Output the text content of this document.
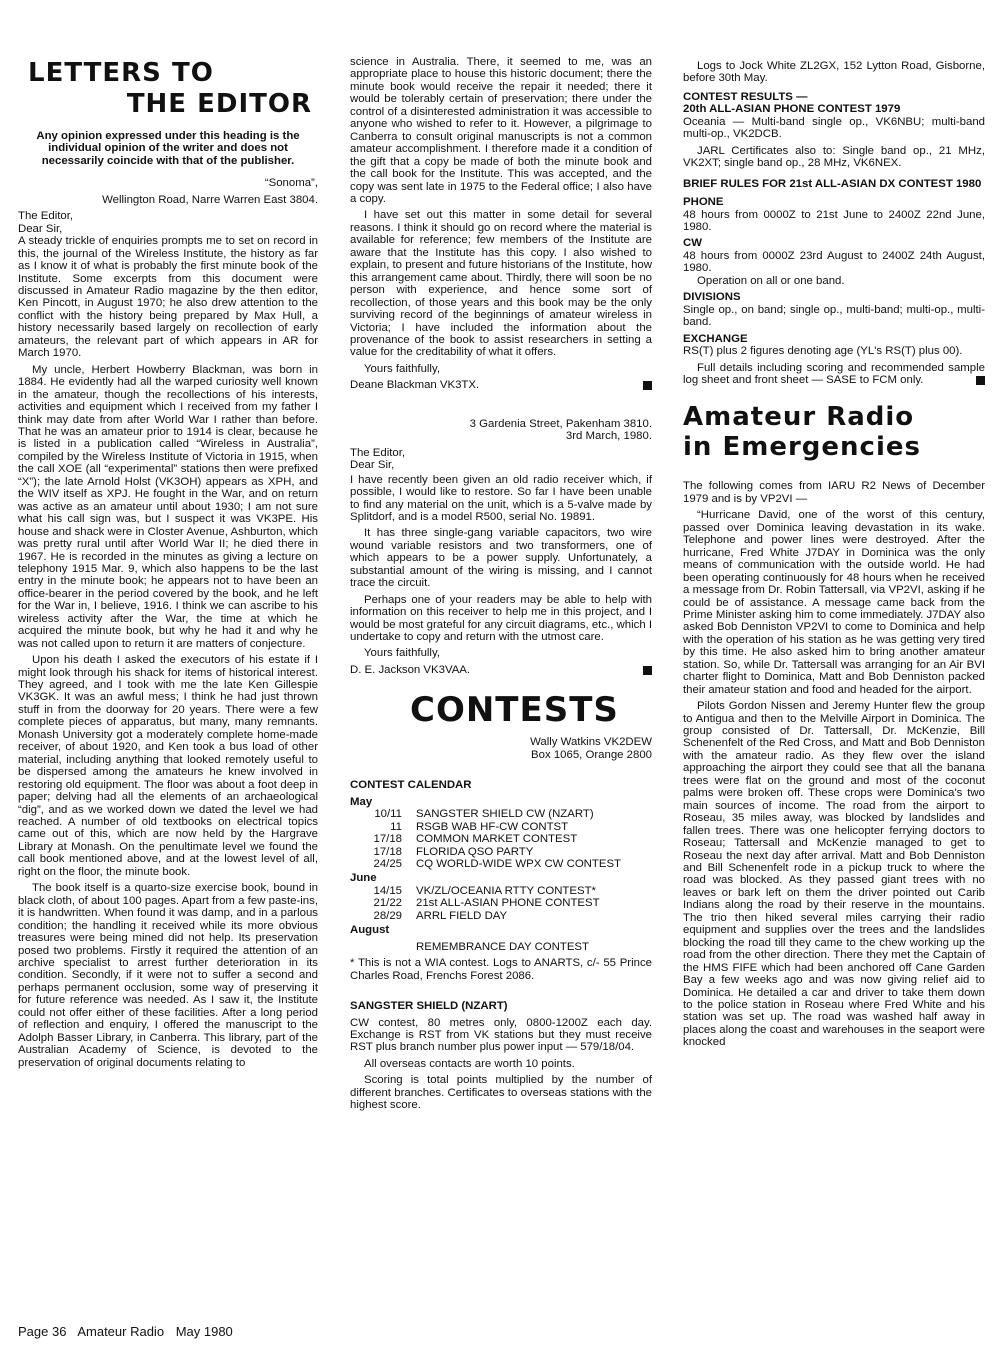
LETTERS TO
THE EDITOR
Any opinion expressed under this heading is the individual opinion of the writer and does not necessarily coincide with that of the publisher.

“Sonoma”,

Wellington Road, Narre Warren East 3804.

The Editor,

Dear Sir,

A steady trickle of enquiries prompts me to set on record in this, the journal of the Wireless Institute, the history as far as I know it of what is probably the first minute book of the Institute. Some excerpts from this document were discussed in Amateur Radio magazine by the then editor, Ken Pincott, in August 1970; he also drew attention to the conflict with the history being prepared by Max Hull, a history necessarily based largely on recollection of early amateurs, the relevant part of which appears in AR for March 1970.

My uncle, Herbert Howberry Blackman, was born in 1884. He evidently had all the warped curiosity well known in the amateur, though the recollections of his interests, activities and equipment which I received from my father I think may date from after World War I rather than before. That he was an amateur prior to 1914 is clear, because he is listed in a publication called “Wireless in Australia”, compiled by the Wireless Institute of Victoria in 1915, when the call XOE (all “experimental” stations then were prefixed “X”); the late Arnold Holst (VK3OH) appears as XPH, and the WIV itself as XPJ. He fought in the War, and on return was active as an amateur until about 1930; I am not sure what his call sign was, but I suspect it was VK3PE. His house and shack were in Closter Avenue, Ashburton, which was pretty rural until after World War II; he died there in 1967. He is recorded in the minutes as giving a lecture on telephony 1915 Mar. 9, which also happens to be the last entry in the minute book; he appears not to have been an office-bearer in the period covered by the book, and he left for the War in, I believe, 1916. I think we can ascribe to his wireless activity after the War, the time at which he acquired the minute book, but why he had it and why he was not called upon to return it are matters of conjecture.

Upon his death I asked the executors of his estate if I might look through his shack for items of historical interest. They agreed, and I took with me the late Ken Gillespie VK3GK. It was an awful mess; I think he had just thrown stuff in from the doorway for 20 years. There were a few complete pieces of apparatus, but many, many remnants. Monash University got a moderately complete home-made receiver, of about 1920, and Ken took a bus load of other material, including anything that looked remotely useful to be dispersed among the amateurs he knew involved in restoring old equipment. The floor was about a foot deep in paper; delving had all the elements of an archaeological “dig”, and as we worked down we dated the level we had reached. A number of old textbooks on electrical topics came out of this, which are now held by the Hargrave Library at Monash. On the penultimate level we found the call book mentioned above, and at the lowest level of all, right on the floor, the minute book.

The book itself is a quarto-size exercise book, bound in black cloth, of about 100 pages. Apart from a few paste-ins, it is handwritten. When found it was damp, and in a parlous condition; the handling it received while its more obvious treasures were being mined did not help. Its preservation posed two problems. Firstly it required the attention of an archive specialist to arrest further deterioration in its condition. Secondly, if it were not to suffer a second and perhaps permanent occlusion, some way of preserving it for future reference was needed. As I saw it, the Institute could not offer either of these facilities. After a long period of reflection and enquiry, I offered the manuscript to the Adolph Basser Library, in Canberra. This library, part of the Australian Academy of Science, is devoted to the preservation of original documents relating to

science in Australia. There, it seemed to me, was an appropriate place to house this historic document; there the minute book would receive the repair it needed; there it would be tolerably certain of preservation; there under the control of a disinterested administration it was accessible to anyone who wished to refer to it. However, a pilgrimage to Canberra to consult original manuscripts is not a common amateur accomplishment. I therefore made it a condition of the gift that a copy be made of both the minute book and the call book for the Institute. This was accepted, and the copy was sent late in 1975 to the Federal office; I also have a copy.

I have set out this matter in some detail for several reasons. I think it should go on record where the material is available for reference; few members of the Institute are aware that the Institute has this copy. I also wished to explain, to present and future historians of the Institute, how this arrangement came about. Thirdly, there will soon be no person with experience, and hence some sort of recollection, of those years and this book may be the only surviving record of the beginnings of amateur wireless in Victoria; I have included the information about the provenance of the book to assist researchers in setting a value for the creditability of what it offers.

Yours faithfully,

Deane Blackman VK3TX.

3 Gardenia Street, Pakenham 3810.

3rd March, 1980.

The Editor,

Dear Sir,

I have recently been given an old radio receiver which, if possible, I would like to restore. So far I have been unable to find any material on the unit, which is a 5-valve made by Splitdorf, and is a model R500, serial No. 19891.

It has three single-gang variable capacitors, two wire wound variable resistors and two transformers, one of which appears to be a power supply. Unfortunately, a substantial amount of the wiring is missing, and I cannot trace the circuit.

Perhaps one of your readers may be able to help with information on this receiver to help me in this project, and I would be most grateful for any circuit diagrams, etc., which I undertake to copy and return with the utmost care.

Yours faithfully,

D. E. Jackson VK3VAA.

CONTESTS

Wally Watkins VK2DEW

Box 1065, Orange 2800

CONTEST CALENDAR

May

10/11	SANGSTER SHIELD CW (NZART)
11	RSGB WAB HF-CW CONTST
17/18	COMMON MARKET CONTEST
17/18	FLORIDA QSO PARTY
24/25	CQ WORLD-WIDE WPX CW CONTEST

June

14/15	VK/ZL/OCEANIA RTTY CONTEST*
21/22	21st ALL-ASIAN PHONE CONTEST
28/29	ARRL FIELD DAY

August

REMEMBRANCE DAY CONTEST

* This is not a WIA contest. Logs to ANARTS, c/- 55 Prince Charles Road, Frenchs Forest 2086.

SANGSTER SHIELD (NZART)

CW contest, 80 metres only, 0800-1200Z each day. Exchange is RST from VK stations but they must receive RST plus branch number plus power input — 579/18/04.

All overseas contacts are worth 10 points.

Scoring is total points multiplied by the number of different branches. Certificates to overseas stations with the highest score.

Logs to Jock White ZL2GX, 152 Lytton Road, Gisborne, before 30th May.

CONTEST RESULTS —

20th ALL-ASIAN PHONE CONTEST 1979

Oceania — Multi-band single op., VK6NBU; multi-band multi-op., VK2DCB.

JARL Certificates also to: Single band op., 21 MHz, VK2XT; single band op., 28 MHz, VK6NEX.

BRIEF RULES FOR 21st ALL-ASIAN DX CONTEST 1980

PHONE

48 hours from 0000Z to 21st June to 2400Z 22nd June, 1980.

CW

48 hours from 0000Z 23rd August to 2400Z 24th August, 1980.

Operation on all or one band.

DIVISIONS

Single op., on band; single op., multi-band; multi-op., multi-band.

EXCHANGE

RS(T) plus 2 figures denoting age (YL's RS(T) plus 00).

Full details including scoring and recommended sample log sheet and front sheet — SASE to FCM only.

Amateur Radio
in Emergencies

The following comes from IARU R2 News of December 1979 and is by VP2VI —

“Hurricane David, one of the worst of this century, passed over Dominica leaving devastation in its wake. Telephone and power lines were destroyed. After the hurricane, Fred White J7DAY in Dominica was the only means of communication with the outside world. He had been operating continuously for 48 hours when he received a message from Dr. Robin Tattersall, via VP2VI, asking if he could be of assistance. A message came back from the Prime Minister asking him to come immediately. J7DAY also asked Bob Denniston VP2VI to come to Dominica and help with the operation of his station as he was getting very tired by this time. He also asked him to bring another amateur station. So, while Dr. Tattersall was arranging for an Air BVI charter flight to Dominica, Matt and Bob Denniston packed their amateur station and food and headed for the airport.

Pilots Gordon Nissen and Jeremy Hunter flew the group to Antigua and then to the Melville Airport in Dominica. The group consisted of Dr. Tattersall, Dr. McKenzie, Bill Schenenfelt of the Red Cross, and Matt and Bob Denniston with the amateur radio. As they flew over the island approaching the airport they could see that all the banana trees were flat on the ground and most of the coconut palms were broken off. These crops were Dominica's two main sources of income. The road from the airport to Roseau, 35 miles away, was blocked by landslides and fallen trees. There was one helicopter ferrying doctors to Roseau; Tattersall and McKenzie managed to get to Roseau the next day after arrival. Matt and Bob Denniston and Bill Schenenfelt rode in a pickup truck to where the road was blocked. As they passed giant trees with no leaves or bark left on them the driver pointed out Carib Indians along the road by their reserve in the mountains. The trio then hiked several miles carrying their radio equipment and supplies over the trees and the landslides blocking the road till they came to the chew working up the road from the other direction. There they met the Captain of the HMS FIFE which had been anchored off Cane Garden Bay a few weeks ago and was now giving relief aid to Dominica. He detailed a car and driver to take them down to the police station in Roseau where Fred White and his station was set up. The road was washed half away in places along the coast and warehouses in the seaport were knocked

Page 36 Amateur Radio May 1980
